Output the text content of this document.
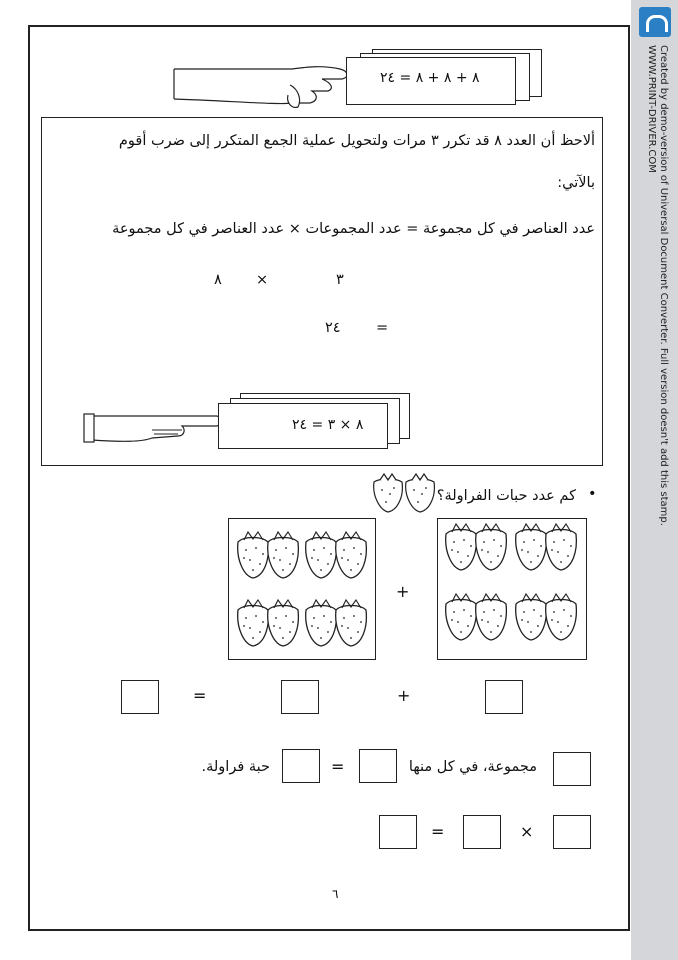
Created by demo-version of Universal Document Converter. Full version doesn't add this stamp.
WWW.PRINT-DRIVER.COM
٨ + ٨ + ٨ = ٢٤
ألاحظ أن العدد ٨ قد تكرر ٣ مرات ولتحويل عملية الجمع المتكرر إلى ضرب أقوم
بالآتي:
عدد العناصر في كل مجموعة = عدد المجموعات × عدد العناصر في كل مجموعة
٨ ×	٣
٢٤ =
٨ × ٣ = ٢٤
كم عدد حبات الفراولة؟ •
+
+
=
مجموعة، في كل منها
=
حبة فراولة.
×
=
٦
